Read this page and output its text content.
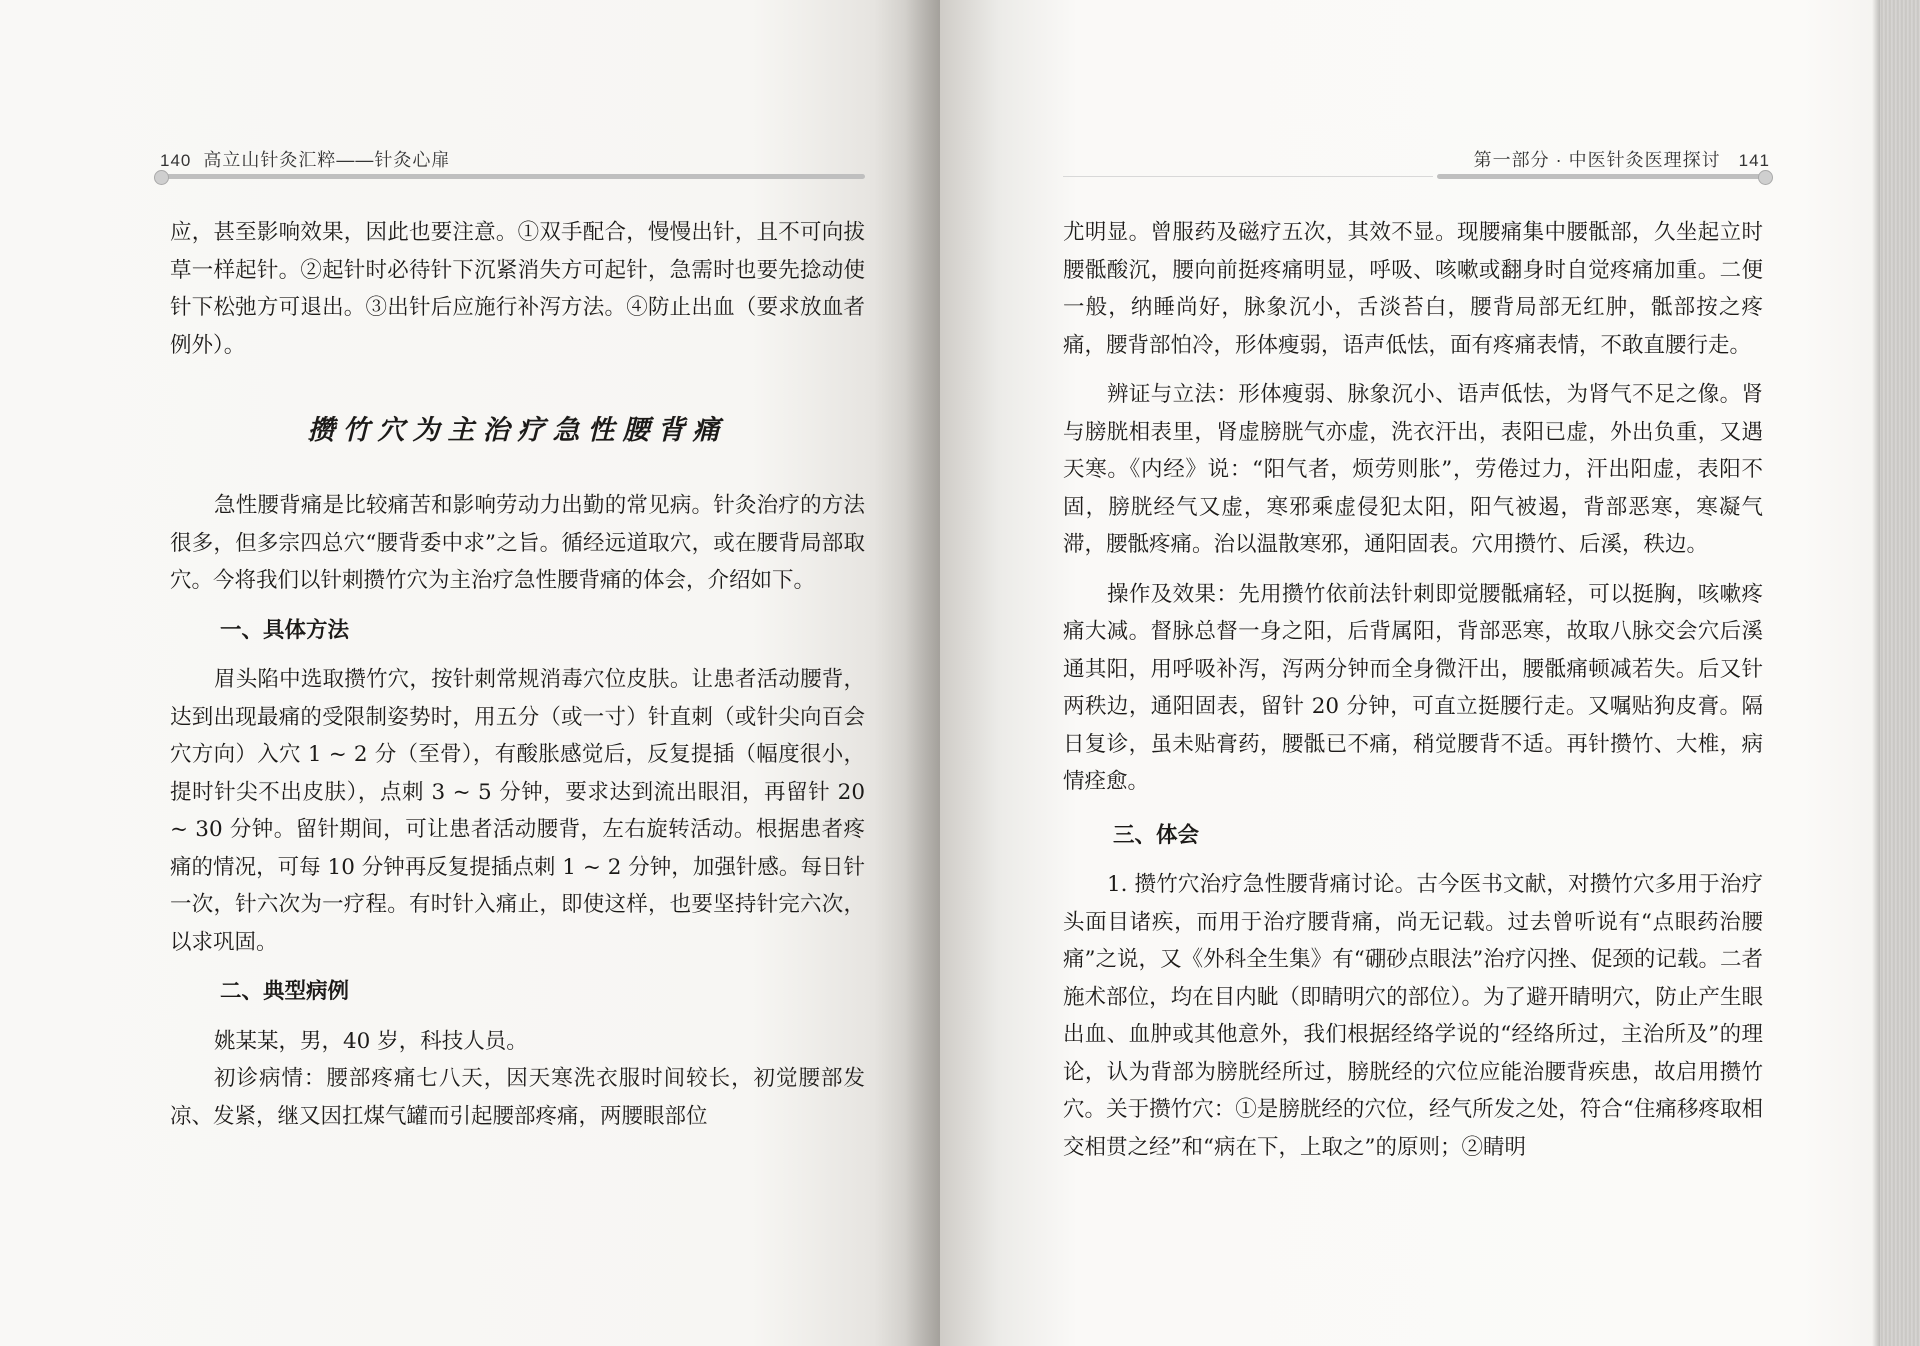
140 高立山针灸汇粹——针灸心扉

应，甚至影响效果，因此也要注意。①双手配合，慢慢出针，且不可向拔草一样起针。②起针时必待针下沉紧消失方可起针，急需时也要先捻动使针下松弛方可退出。③出针后应施行补泻方法。④防止出血（要求放血者例外）。

攒竹穴为主治疗急性腰背痛

急性腰背痛是比较痛苦和影响劳动力出勤的常见病。针灸治疗的方法很多，但多宗四总穴“腰背委中求”之旨。循经远道取穴，或在腰背局部取穴。今将我们以针刺攒竹穴为主治疗急性腰背痛的体会，介绍如下。

一、具体方法

眉头陷中选取攒竹穴，按针刺常规消毒穴位皮肤。让患者活动腰背，达到出现最痛的受限制姿势时，用五分（或一寸）针直刺（或针尖向百会穴方向）入穴 1 ~ 2 分（至骨），有酸胀感觉后，反复提插（幅度很小，提时针尖不出皮肤），点刺 3 ~ 5 分钟，要求达到流出眼泪，再留针 20 ~ 30 分钟。留针期间，可让患者活动腰背，左右旋转活动。根据患者疼痛的情况，可每 10 分钟再反复提插点刺 1 ~ 2 分钟，加强针感。每日针一次，针六次为一疗程。有时针入痛止，即使这样，也要坚持针完六次，以求巩固。

二、典型病例

姚某某，男，40 岁，科技人员。

初诊病情：腰部疼痛七八天，因天寒洗衣服时间较长，初觉腰部发凉、发紧，继又因扛煤气罐而引起腰部疼痛，两腰眼部位

第一部分 · 中医针灸医理探讨 141

尤明显。曾服药及磁疗五次，其效不显。现腰痛集中腰骶部，久坐起立时腰骶酸沉，腰向前挺疼痛明显，呼吸、咳嗽或翻身时自觉疼痛加重。二便一般，纳睡尚好，脉象沉小，舌淡苔白，腰背局部无红肿，骶部按之疼痛，腰背部怕冷，形体瘦弱，语声低怯，面有疼痛表情，不敢直腰行走。

辨证与立法：形体瘦弱、脉象沉小、语声低怯，为肾气不足之像。肾与膀胱相表里，肾虚膀胱气亦虚，洗衣汗出，表阳已虚，外出负重，又遇天寒。《内经》说：“阳气者，烦劳则胀”，劳倦过力，汗出阳虚，表阳不固，膀胱经气又虚，寒邪乘虚侵犯太阳，阳气被遏，背部恶寒，寒凝气滞，腰骶疼痛。治以温散寒邪，通阳固表。穴用攒竹、后溪，秩边。

操作及效果：先用攒竹依前法针刺即觉腰骶痛轻，可以挺胸，咳嗽疼痛大减。督脉总督一身之阳，后背属阳，背部恶寒，故取八脉交会穴后溪通其阳，用呼吸补泻，泻两分钟而全身微汗出，腰骶痛顿减若失。后又针两秩边，通阳固表，留针 20 分钟，可直立挺腰行走。又嘱贴狗皮膏。隔日复诊，虽未贴膏药，腰骶已不痛，稍觉腰背不适。再针攒竹、大椎，病情痊愈。

三、体会

1. 攒竹穴治疗急性腰背痛讨论。古今医书文献，对攒竹穴多用于治疗头面目诸疾，而用于治疗腰背痛，尚无记载。过去曾听说有“点眼药治腰痛”之说，又《外科全生集》有“硼砂点眼法”治疗闪挫、促颈的记载。二者施术部位，均在目内眦（即睛明穴的部位）。为了避开睛明穴，防止产生眼出血、血肿或其他意外，我们根据经络学说的“经络所过，主治所及”的理论，认为背部为膀胱经所过，膀胱经的穴位应能治腰背疾患，故启用攒竹穴。关于攒竹穴：①是膀胱经的穴位，经气所发之处，符合“住痛移疼取相交相贯之经”和“病在下，上取之”的原则；②睛明
